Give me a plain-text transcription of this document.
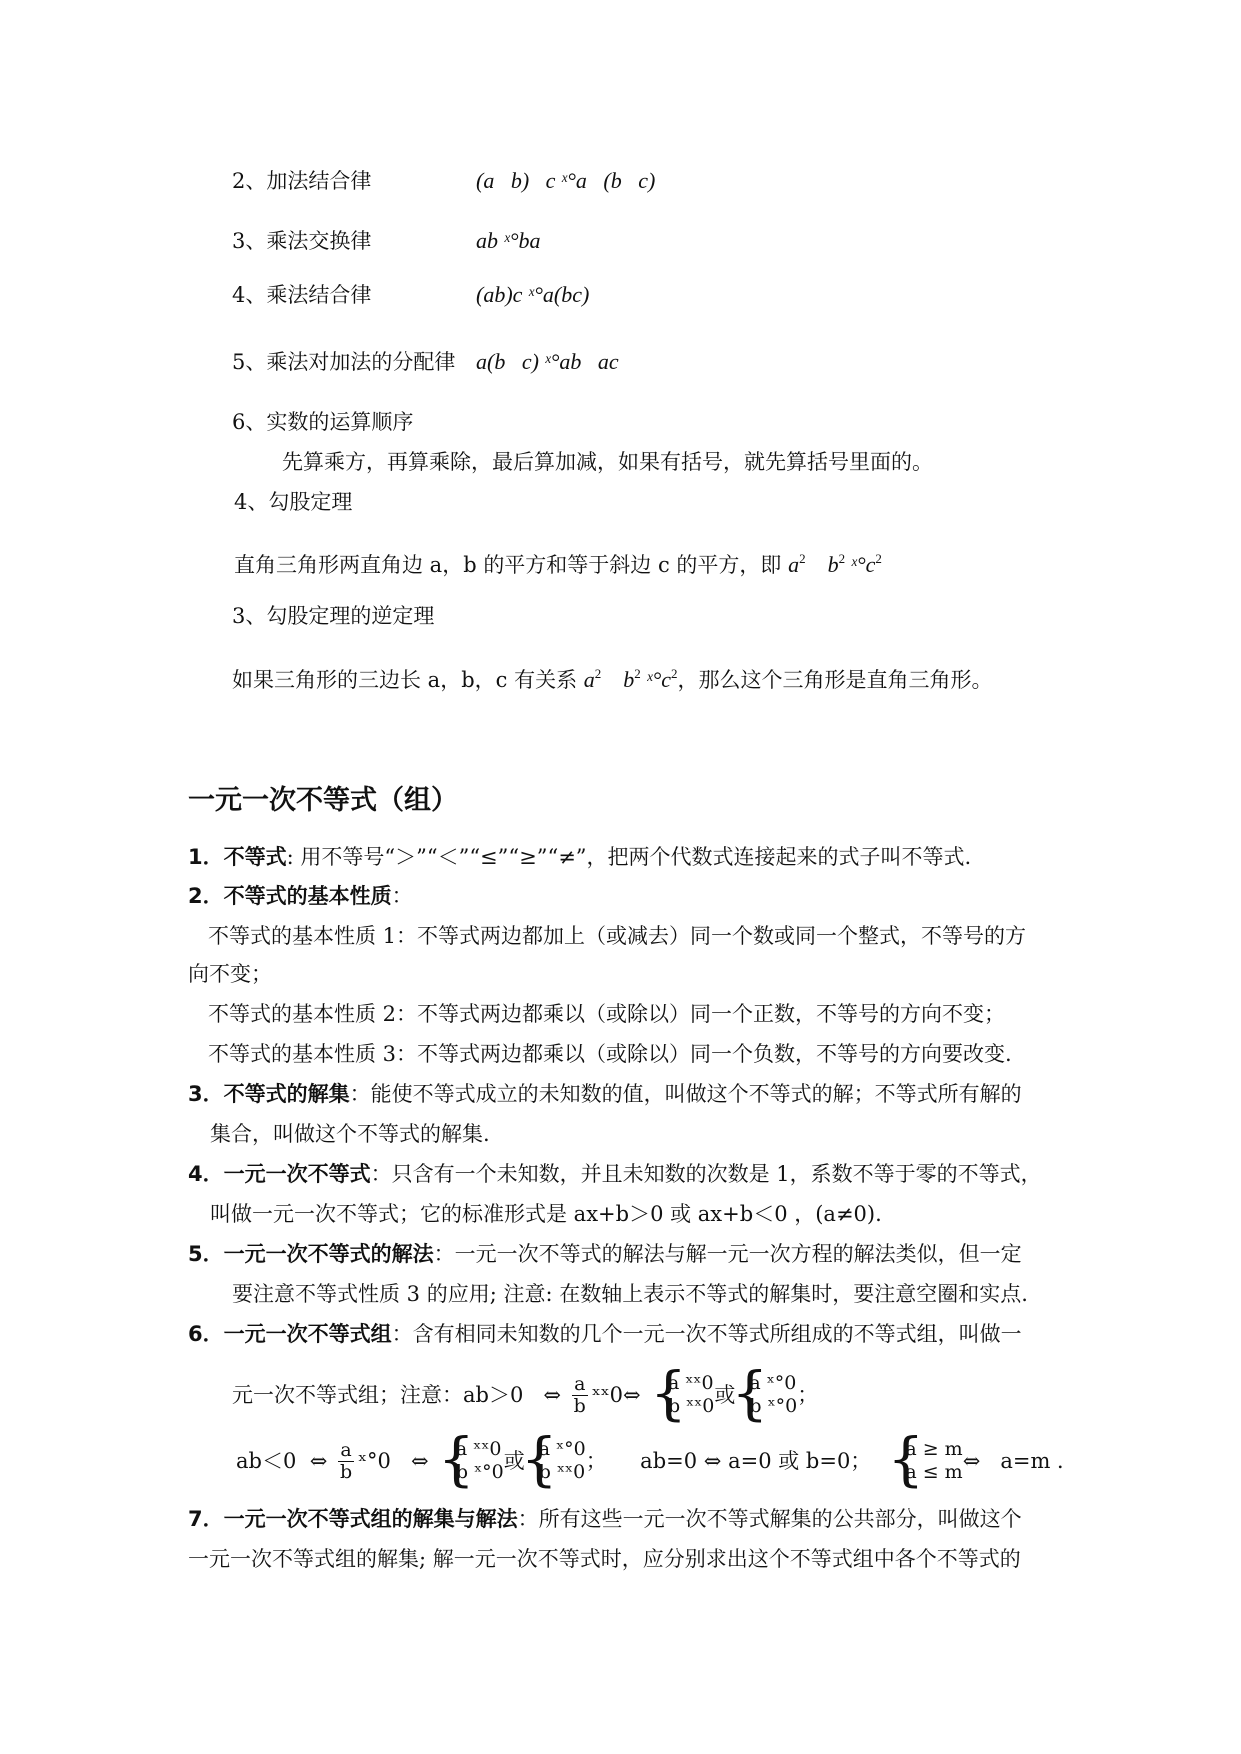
2、加法结合律	(a   b)   c ˣ°a   (b   c)
3、乘法交换律	ab ˣ°ba
4、乘法结合律	(ab)c ˣ°a(bc)
5、乘法对加法的分配律 a(b   c) ˣ°ab   ac
6、实数的运算顺序
先算乘方，再算乘除，最后算加减，如果有括号，就先算括号里面的。
4、勾股定理
直角三角形两直角边 a，b 的平方和等于斜边 c 的平方，即 $a^2$ $b^2$ $ˣ^\circ c^2$
3、勾股定理的逆定理
如果三角形的三边长 a，b，c 有关系 $a^2$ $b^2$ $ˣ^\circ c^2$，那么这个三角形是直角三角形。
一元一次不等式（组）
1．不等式: 用不等号“＞”“＜”“≤”“≥”“≠”，把两个代数式连接起来的式子叫不等式.
2．不等式的基本性质：
不等式的基本性质 1：不等式两边都加上（或减去）同一个数或同一个整式，不等号的方
向不变；
不等式的基本性质 2：不等式两边都乘以（或除以）同一个正数，不等号的方向不变；
不等式的基本性质 3：不等式两边都乘以（或除以）同一个负数，不等号的方向要改变.
3．不等式的解集：能使不等式成立的未知数的值，叫做这个不等式的解；不等式所有解的
集合，叫做这个不等式的解集.
4．一元一次不等式：只含有一个未知数，并且未知数的次数是 1，系数不等于零的不等式，
叫做一元一次不等式；它的标准形式是 ax+b＞0 或 ax+b＜0 ，(a≠0).
5．一元一次不等式的解法：一元一次不等式的解法与解一元一次方程的解法类似，但一定
要注意不等式性质 3 的应用; 注意: 在数轴上表示不等式的解集时，要注意空圈和实点.
6．一元一次不等式组：含有相同未知数的几个一元一次不等式所组成的不等式组，叫做一
元一次不等式组；注意：ab＞0 ⇔ $\frac{a}{b}$ ˣˣ0⇔ { a ˣˣ0
b ˣˣ0 或 { a ˣ°0
b ˣ°0 ；
ab＜0 ⇔ $\frac{a}{b}$ ˣ°0 ⇔ { a ˣˣ0
b ˣ°0 或 { a ˣ°0
b ˣˣ0 ； ab=0 ⇔ a=0 或 b=0； { a ≥ m
a ≤ m ⇔ a=m ．
7．一元一次不等式组的解集与解法：所有这些一元一次不等式解集的公共部分，叫做这个
一元一次不等式组的解集; 解一元一次不等式时，应分别求出这个不等式组中各个不等式的
